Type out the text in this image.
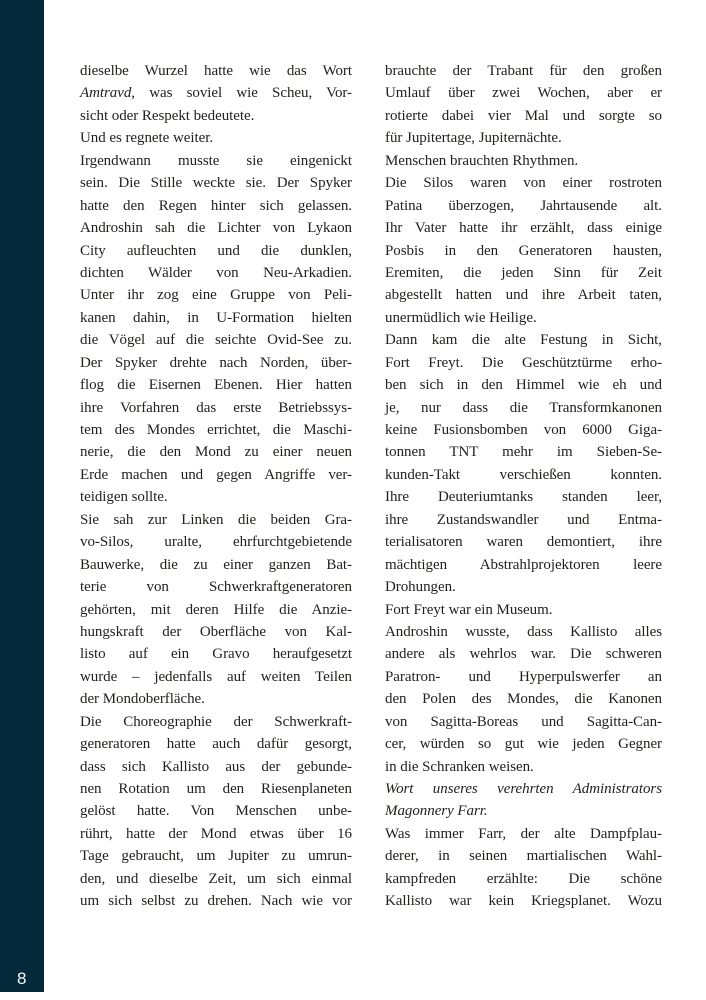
8
dieselbe Wurzel hatte wie das Wort
Amtravd, was soviel wie Scheu, Vor-
sicht oder Respekt bedeutete.
Und es regnete weiter.
Irgendwann musste sie eingenickt
sein. Die Stille weckte sie. Der Spyker
hatte den Regen hinter sich gelassen.
Androshin sah die Lichter von Lykaon
City aufleuchten und die dunklen,
dichten Wälder von Neu-Arkadien.
Unter ihr zog eine Gruppe von Peli-
kanen dahin, in U-Formation hielten
die Vögel auf die seichte Ovid-See zu.
Der Spyker drehte nach Norden, über-
flog die Eisernen Ebenen. Hier hatten
ihre Vorfahren das erste Betriebssys-
tem des Mondes errichtet, die Maschi-
nerie, die den Mond zu einer neuen
Erde machen und gegen Angriffe ver-
teidigen sollte.
Sie sah zur Linken die beiden Gra-
vo-Silos, uralte, ehrfurchtgebietende
Bauwerke, die zu einer ganzen Bat-
terie von Schwerkraftgeneratoren
gehörten, mit deren Hilfe die Anzie-
hungskraft der Oberfläche von Kal-
listo auf ein Gravo heraufgesetzt
wurde – jedenfalls auf weiten Teilen
der Mondoberfläche.
Die Choreographie der Schwerkraft-
generatoren hatte auch dafür gesorgt,
dass sich Kallisto aus der gebunde-
nen Rotation um den Riesenplaneten
gelöst hatte. Von Menschen unbe-
rührt, hatte der Mond etwas über 16
Tage gebraucht, um Jupiter zu umrun-
den, und dieselbe Zeit, um sich einmal
um sich selbst zu drehen. Nach wie vor
brauchte der Trabant für den großen
Umlauf über zwei Wochen, aber er
rotierte dabei vier Mal und sorgte so
für Jupitertage, Jupiternächte.
Menschen brauchten Rhythmen.
Die Silos waren von einer rostroten
Patina überzogen, Jahrtausende alt.
Ihr Vater hatte ihr erzählt, dass einige
Posbis in den Generatoren hausten,
Eremiten, die jeden Sinn für Zeit
abgestellt hatten und ihre Arbeit taten,
unermüdlich wie Heilige.
Dann kam die alte Festung in Sicht,
Fort Freyt. Die Geschütztürme erho-
ben sich in den Himmel wie eh und
je, nur dass die Transformkanonen
keine Fusionsbomben von 6000 Giga-
tonnen TNT mehr im Sieben-Se-
kunden-Takt verschießen konnten.
Ihre Deuteriumtanks standen leer,
ihre Zustandswandler und Entma-
terialisatoren waren demontiert, ihre
mächtigen Abstrahlprojektoren leere
Drohungen.
Fort Freyt war ein Museum.
Androshin wusste, dass Kallisto alles
andere als wehrlos war. Die schweren
Paratron- und Hyperpulswerfer an
den Polen des Mondes, die Kanonen
von Sagitta-Boreas und Sagitta-Can-
cer, würden so gut wie jeden Gegner
in die Schranken weisen.
Wort unseres verehrten Administrators
Magonnery Farr.
Was immer Farr, der alte Dampfplau-
derer, in seinen martialischen Wahl-
kampfreden erzählte: Die schöne
Kallisto war kein Kriegsplanet. Wozu
